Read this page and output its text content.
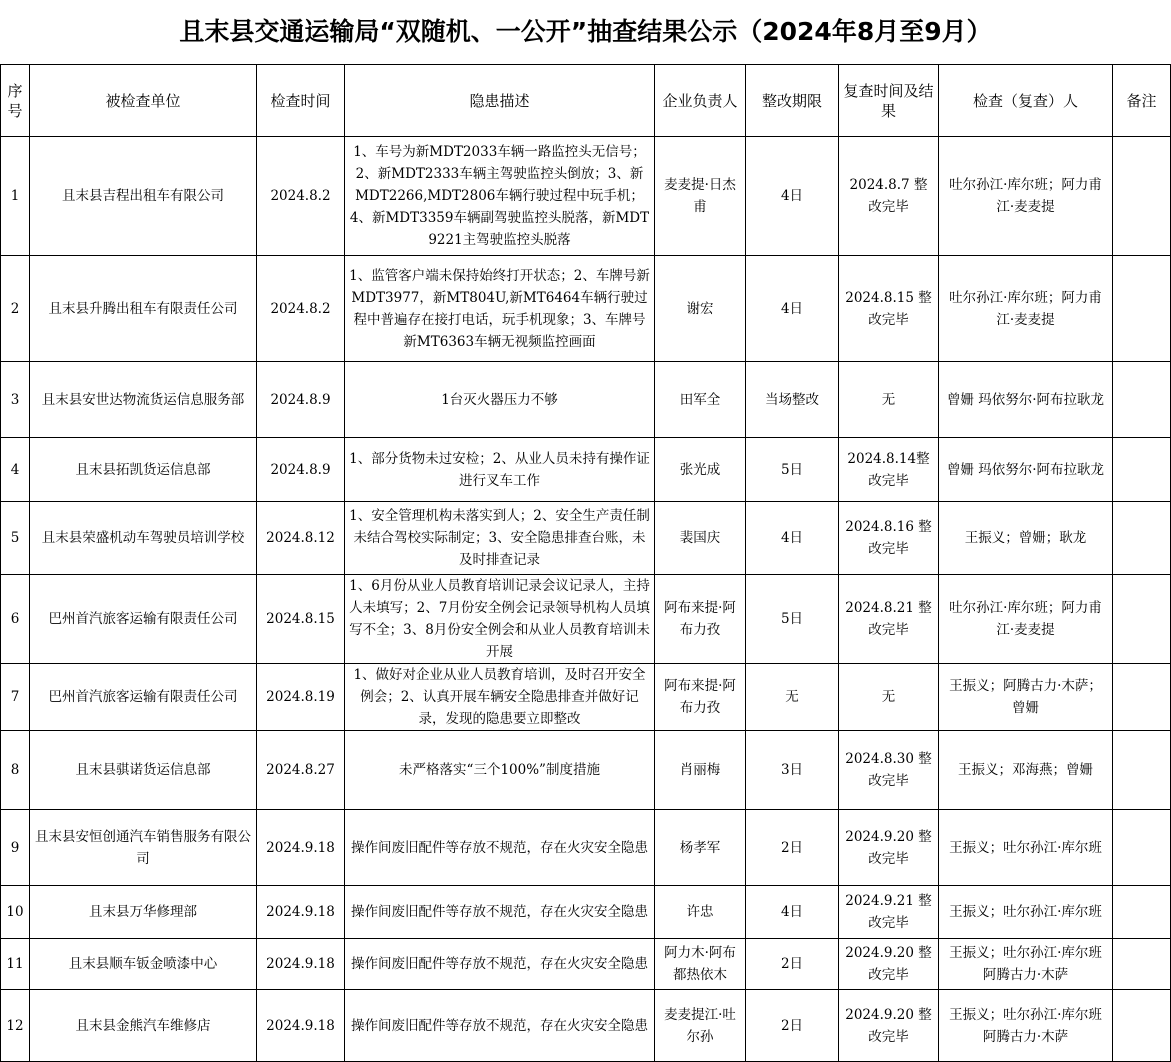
且末县交通运输局“双随机、一公开”抽查结果公示（2024年8月至9月）
序号	被检查单位	检查时间	隐患描述	企业负责人	整改期限	复查时间及结果	检查（复查）人	备注
1	且末县吉程出租车有限公司	2024.8.2	1、车号为新MDT2033车辆一路监控头无信号；2、新MDT2333车辆主驾驶监控头倒放；3、新MDT2266,MDT2806车辆行驶过程中玩手机；4、新MDT3359车辆副驾驶监控头脱落，新MDT9221主驾驶监控头脱落	麦麦提·日杰甫	4日	2024.8.7 整改完毕	吐尔孙江·库尔班；阿力甫江·麦麦提	
2	且末县升腾出租车有限责任公司	2024.8.2	1、监管客户端未保持始终打开状态；2、车牌号新MDT3977，新MT804U,新MT6464车辆行驶过程中普遍存在接打电话，玩手机现象；3、车牌号新MT6363车辆无视频监控画面	谢宏	4日	2024.8.15 整改完毕	吐尔孙江·库尔班；阿力甫江·麦麦提	
3	且末县安世达物流货运信息服务部	2024.8.9	1台灭火器压力不够	田军全	当场整改	无	曾姗 玛依努尔·阿布拉耿龙	
4	且末县拓凯货运信息部	2024.8.9	1、部分货物未过安检；2、从业人员未持有操作证进行叉车工作	张光成	5日	2024.8.14整改完毕	曾姗 玛依努尔·阿布拉耿龙	
5	且末县荣盛机动车驾驶员培训学校	2024.8.12	1、安全管理机构未落实到人；2、安全生产责任制未结合驾校实际制定；3、安全隐患排查台账，未及时排查记录	裴国庆	4日	2024.8.16 整改完毕	王振义；曾姗；耿龙	
6	巴州首汽旅客运输有限责任公司	2024.8.15	1、6月份从业人员教育培训记录会议记录人，主持人未填写；2、7月份安全例会记录领导机构人员填写不全；3、8月份安全例会和从业人员教育培训未开展	阿布来提·阿布力孜	5日	2024.8.21 整改完毕	吐尔孙江·库尔班；阿力甫江·麦麦提	
7	巴州首汽旅客运输有限责任公司	2024.8.19	1、做好对企业从业人员教育培训，及时召开安全例会；2、认真开展车辆安全隐患排查并做好记录，发现的隐患要立即整改	阿布来提·阿布力孜	无	无	王振义；阿腾古力·木萨；曾姗	
8	且末县骐诺货运信息部	2024.8.27	未严格落实“三个100%”制度措施	肖丽梅	3日	2024.8.30 整改完毕	王振义；邓海燕；曾姗	
9	且末县安恒创通汽车销售服务有限公司	2024.9.18	操作间废旧配件等存放不规范，存在火灾安全隐患	杨孝军	2日	2024.9.20 整改完毕	王振义；吐尔孙江·库尔班	
10	且末县万华修理部	2024.9.18	操作间废旧配件等存放不规范，存在火灾安全隐患	许忠	4日	2024.9.21 整改完毕	王振义；吐尔孙江·库尔班	
11	且末县顺车钣金喷漆中心	2024.9.18	操作间废旧配件等存放不规范，存在火灾安全隐患	阿力木·阿布都热依木	2日	2024.9.20 整改完毕	王振义；吐尔孙江·库尔班 阿腾古力·木萨	
12	且末县金熊汽车维修店	2024.9.18	操作间废旧配件等存放不规范，存在火灾安全隐患	麦麦提江·吐尔孙	2日	2024.9.20 整改完毕	王振义；吐尔孙江·库尔班 阿腾古力·木萨	
